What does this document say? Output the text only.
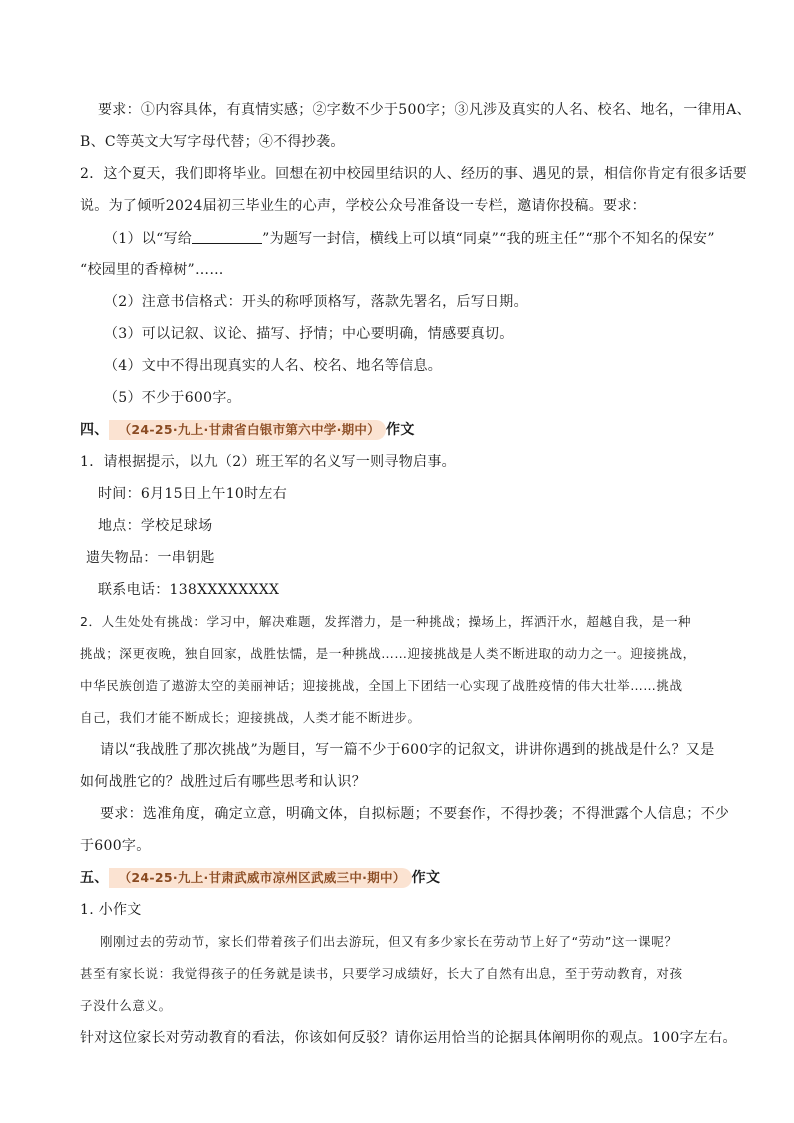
要求：①内容具体，有真情实感；②字数不少于500字；③凡涉及真实的人名、校名、地名，一律用A、
B、C等英文大写字母代替；④不得抄袭。
2．这个夏天，我们即将毕业。回想在初中校园里结识的人、经历的事、遇见的景，相信你肯定有很多话要
说。为了倾听2024届初三毕业生的心声，学校公众号准备设一专栏，邀请你投稿。要求：
（1）以“写给	”为题写一封信，横线上可以填“同桌”“我的班主任”“那个不知名的保安”
“校园里的香樟树”……
（2）注意书信格式：开头的称呼顶格写，落款先署名，后写日期。
（3）可以记叙、议论、描写、抒情；中心要明确，情感要真切。
（4）文中不得出现真实的人名、校名、地名等信息。
（5）不少于600字。
四、 （24-25·九上·甘肃省白银市第六中学·期中） 作文
1．请根据提示，以九（2）班王军的名义写一则寻物启事。
时间：6月15日上午10时左右
地点：学校足球场
遗失物品：一串钥匙
联系电话：138XXXXXXXX
2．人生处处有挑战：学习中，解决难题，发挥潜力，是一种挑战；操场上，挥洒汗水，超越自我，是一种
挑战；深更夜晚，独自回家，战胜怯懦，是一种挑战……迎接挑战是人类不断进取的动力之一。迎接挑战，
中华民族创造了遨游太空的美丽神话；迎接挑战，全国上下团结一心实现了战胜疫情的伟大壮举……挑战
自己，我们才能不断成长；迎接挑战，人类才能不断进步。
请以“我战胜了那次挑战”为题目，写一篇不少于600字的记叙文，讲讲你遇到的挑战是什么？又是
如何战胜它的？战胜过后有哪些思考和认识？
要求：选准角度，确定立意，明确文体，自拟标题；不要套作，不得抄袭；不得泄露个人信息；不少
于600字。
五、 （24-25·九上·甘肃武威市凉州区武威三中·期中） 作文
1. 小作文
刚刚过去的劳动节，家长们带着孩子们出去游玩，但又有多少家长在劳动节上好了“劳动”这一课呢？
甚至有家长说：我觉得孩子的任务就是读书，只要学习成绩好，长大了自然有出息，至于劳动教育，对孩
子没什么意义。
针对这位家长对劳动教育的看法，你该如何反驳？请你运用恰当的论据具体阐明你的观点。100字左右。
